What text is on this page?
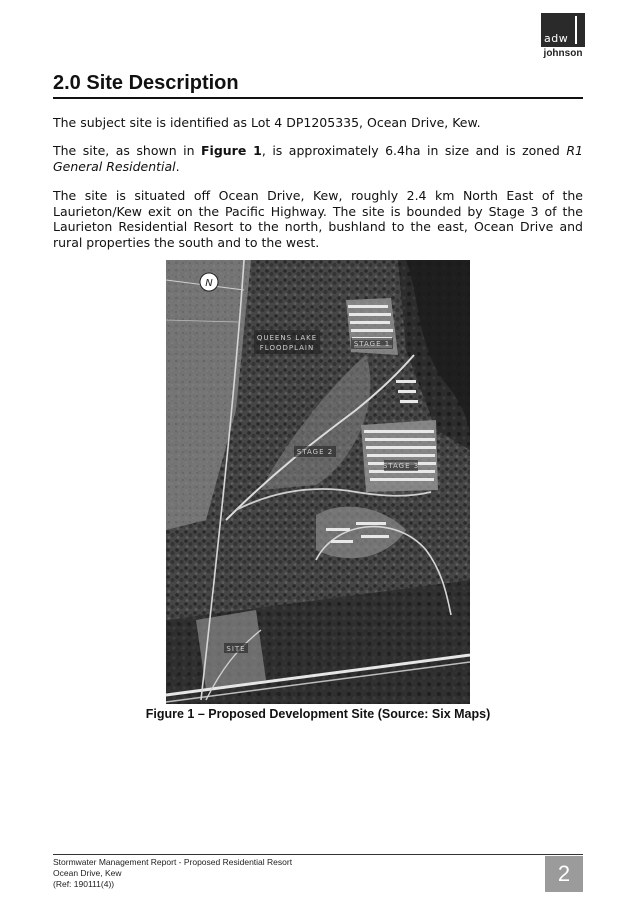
adw
johnson
2.0 Site Description
The subject site is identified as Lot 4 DP1205335, Ocean Drive, Kew.
The site, as shown in Figure 1, is approximately 6.4ha in size and is zoned R1 General Residential.
The site is situated off Ocean Drive, Kew, roughly 2.4 km North East of the Laurieton/Kew exit on the Pacific Highway. The site is bounded by Stage 3 of the Laurieton Residential Resort to the north, bushland to the east, Ocean Drive and rural properties the south and to the west.
N
QUEENS LAKE
FLOODPLAIN	STAGE 1
STAGE 2
STAGE 3
SITE
Figure 1 – Proposed Development Site (Source: Six Maps)
Stormwater Management Report - Proposed Residential Resort
Ocean Drive, Kew
(Ref: 190111(4))	2
